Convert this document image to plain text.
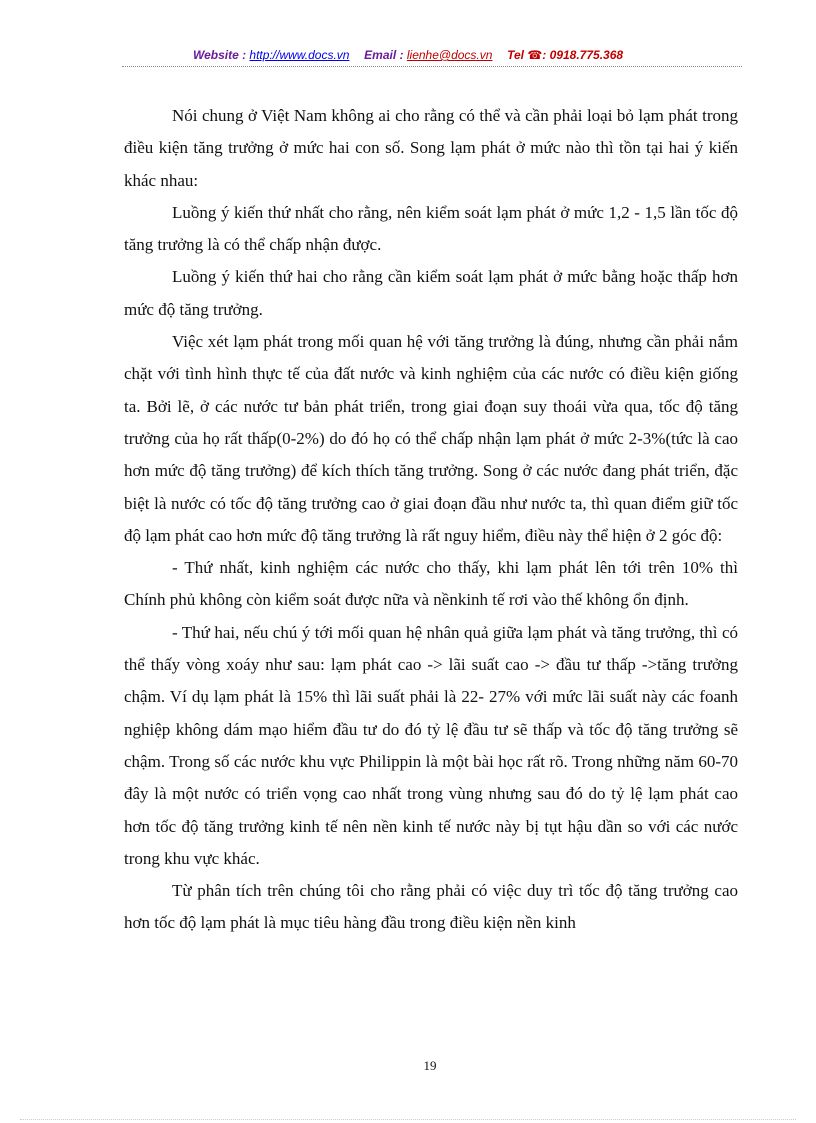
Website : http://www.docs.vn Email : lienhe@docs.vn Tel ☎: 0918.775.368

Nói chung ở Việt Nam không ai cho rằng có thể và cần phải loại bỏ lạm phát trong điều kiện tăng trưởng ở mức hai con số. Song lạm phát ở mức nào thì tồn tại hai ý kiến khác nhau:

Luồng ý kiến thứ nhất cho rằng, nên kiểm soát lạm phát ở mức 1,2 - 1,5 lần tốc độ tăng trưởng là có thể chấp nhận được.

Luồng ý kiến thứ hai cho rằng cần kiểm soát lạm phát ở mức bằng hoặc thấp hơn mức độ tăng trưởng.

Việc xét lạm phát trong mối quan hệ với tăng trưởng là đúng, nhưng cần phải nắm chặt với tình hình thực tế của đất nước và kinh nghiệm của các nước có điều kiện giống ta. Bởi lẽ, ở các nước tư bản phát triển, trong giai đoạn suy thoái vừa qua, tốc độ tăng trưởng của họ rất thấp(0-2%) do đó họ có thể chấp nhận lạm phát ở mức 2-3%(tức là cao hơn mức độ tăng trưởng) để kích thích tăng trưởng. Song ở các nước đang phát triển, đặc biệt là nước có tốc độ tăng trưởng cao ở giai đoạn đầu như nước ta, thì quan điểm giữ tốc độ lạm phát cao hơn mức độ tăng trưởng là rất nguy hiểm, điều này thể hiện ở 2 góc độ:

- Thứ nhất, kinh nghiệm các nước cho thấy, khi lạm phát lên tới trên 10% thì Chính phủ không còn kiểm soát được nữa và nềnkinh tế rơi vào thế không ổn định.

- Thứ hai, nếu chú ý tới mối quan hệ nhân quả giữa lạm phát và tăng trưởng, thì có thể thấy vòng xoáy như sau: lạm phát cao -> lãi suất cao -> đầu tư thấp ->tăng trưởng chậm. Ví dụ lạm phát là 15% thì lãi suất phải là 22- 27% với mức lãi suất này các foanh nghiệp không dám mạo hiểm đầu tư do đó tỷ lệ đầu tư sẽ thấp và tốc độ tăng trưởng sẽ chậm. Trong số các nước khu vực Philippin là một bài học rất rõ. Trong những năm 60-70 đây là một nước có triển vọng cao nhất trong vùng nhưng sau đó do tỷ lệ lạm phát cao hơn tốc độ tăng trưởng kinh tế nên nền kinh tế nước này bị tụt hậu dần so với các nước trong khu vực khác.

Từ phân tích trên chúng tôi cho rằng phải có việc duy trì tốc độ tăng trưởng cao hơn tốc độ lạm phát là mục tiêu hàng đầu trong điều kiện nền kinh

19
